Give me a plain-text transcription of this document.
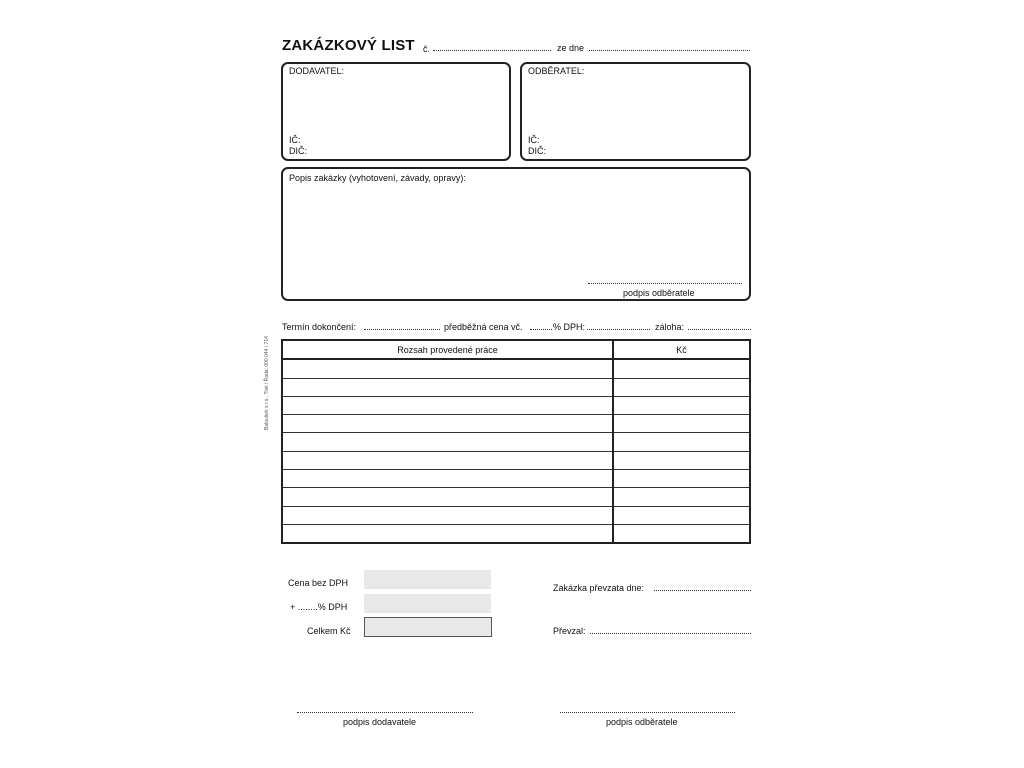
ZAKÁZKOVÝ LIST č.	ze dne
DODAVATEL:
IČ:
DIČ:
ODBĚRATEL:
IČ:
DIČ:
Popis zakázky (vyhotovení, závady, opravy):
podpis odběratele
Termín dokončení:	předběžná cena vč.	% DPH:	záloha:
Baloušek s.r.o., Tisk / Řada: 000 044 / 714	Rozsah provedené práce	Kč

Cena bez DPH
+ ........% DPH
Celkem Kč
Zakázka převzata dne:
Převzal:
podpis dodavatele	podpis odběratele
